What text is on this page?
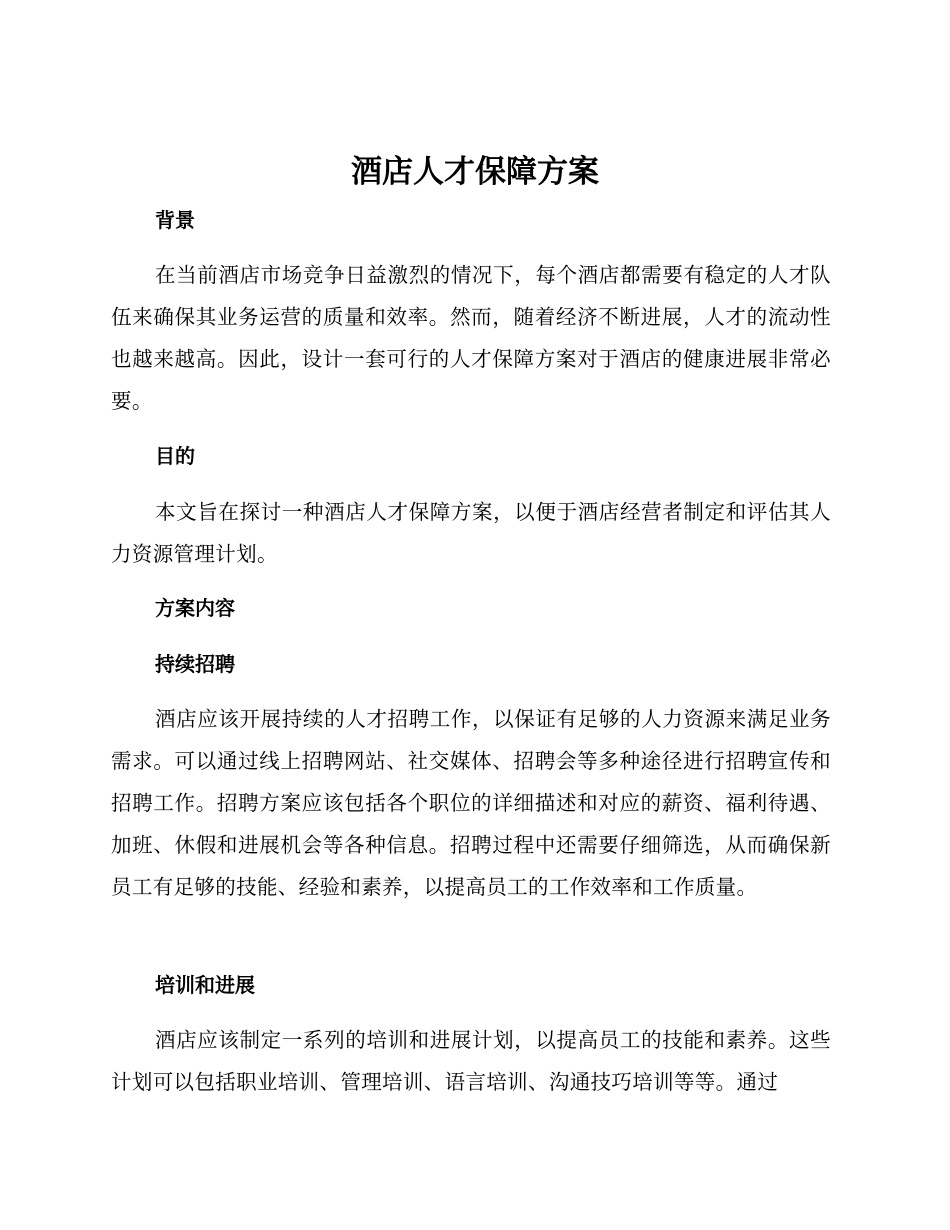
酒店人才保障方案
背景

在当前酒店市场竞争日益激烈的情况下，每个酒店都需要有稳定的人才队伍来确保其业务运营的质量和效率。然而，随着经济不断进展，人才的流动性也越来越高。因此，设计一套可行的人才保障方案对于酒店的健康进展非常必要。

目的

本文旨在探讨一种酒店人才保障方案，以便于酒店经营者制定和评估其人力资源管理计划。

方案内容
持续招聘

酒店应该开展持续的人才招聘工作，以保证有足够的人力资源来满足业务需求。可以通过线上招聘网站、社交媒体、招聘会等多种途径进行招聘宣传和招聘工作。招聘方案应该包括各个职位的详细描述和对应的薪资、福利待遇、加班、休假和进展机会等各种信息。招聘过程中还需要仔细筛选，从而确保新员工有足够的技能、经验和素养，以提高员工的工作效率和工作质量。

培训和进展

酒店应该制定一系列的培训和进展计划，以提高员工的技能和素养。这些计划可以包括职业培训、管理培训、语言培训、沟通技巧培训等等。通过
